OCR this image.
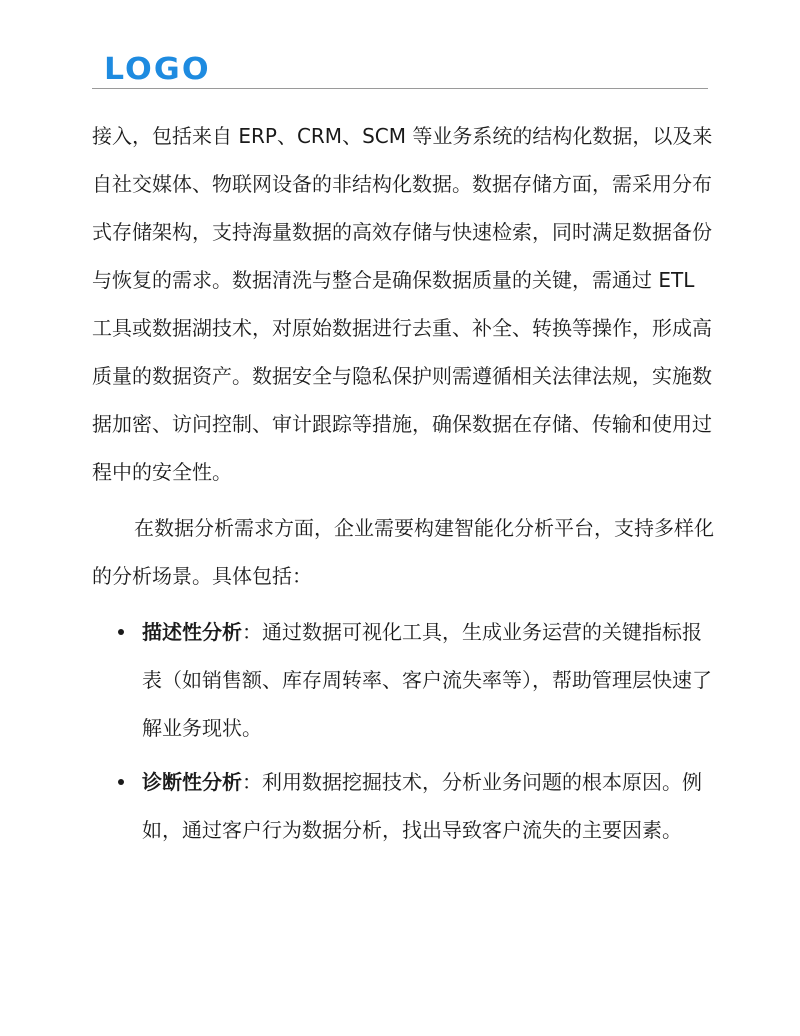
LOGO

接入，包括来自 ERP、CRM、SCM 等业务系统的结构化数据，以及来自社交媒体、物联网设备的非结构化数据。数据存储方面，需采用分布式存储架构，支持海量数据的高效存储与快速检索，同时满足数据备份与恢复的需求。数据清洗与整合是确保数据质量的关键，需通过 ETL 工具或数据湖技术，对原始数据进行去重、补全、转换等操作，形成高质量的数据资产。数据安全与隐私保护则需遵循相关法律法规，实施数据加密、访问控制、审计跟踪等措施，确保数据在存储、传输和使用过程中的安全性。

在数据分析需求方面，企业需要构建智能化分析平台，支持多样化的分析场景。具体包括：

描述性分析：通过数据可视化工具，生成业务运营的关键指标报表（如销售额、库存周转率、客户流失率等），帮助管理层快速了解业务现状。
诊断性分析：利用数据挖掘技术，分析业务问题的根本原因。例如，通过客户行为数据分析，找出导致客户流失的主要因素。
